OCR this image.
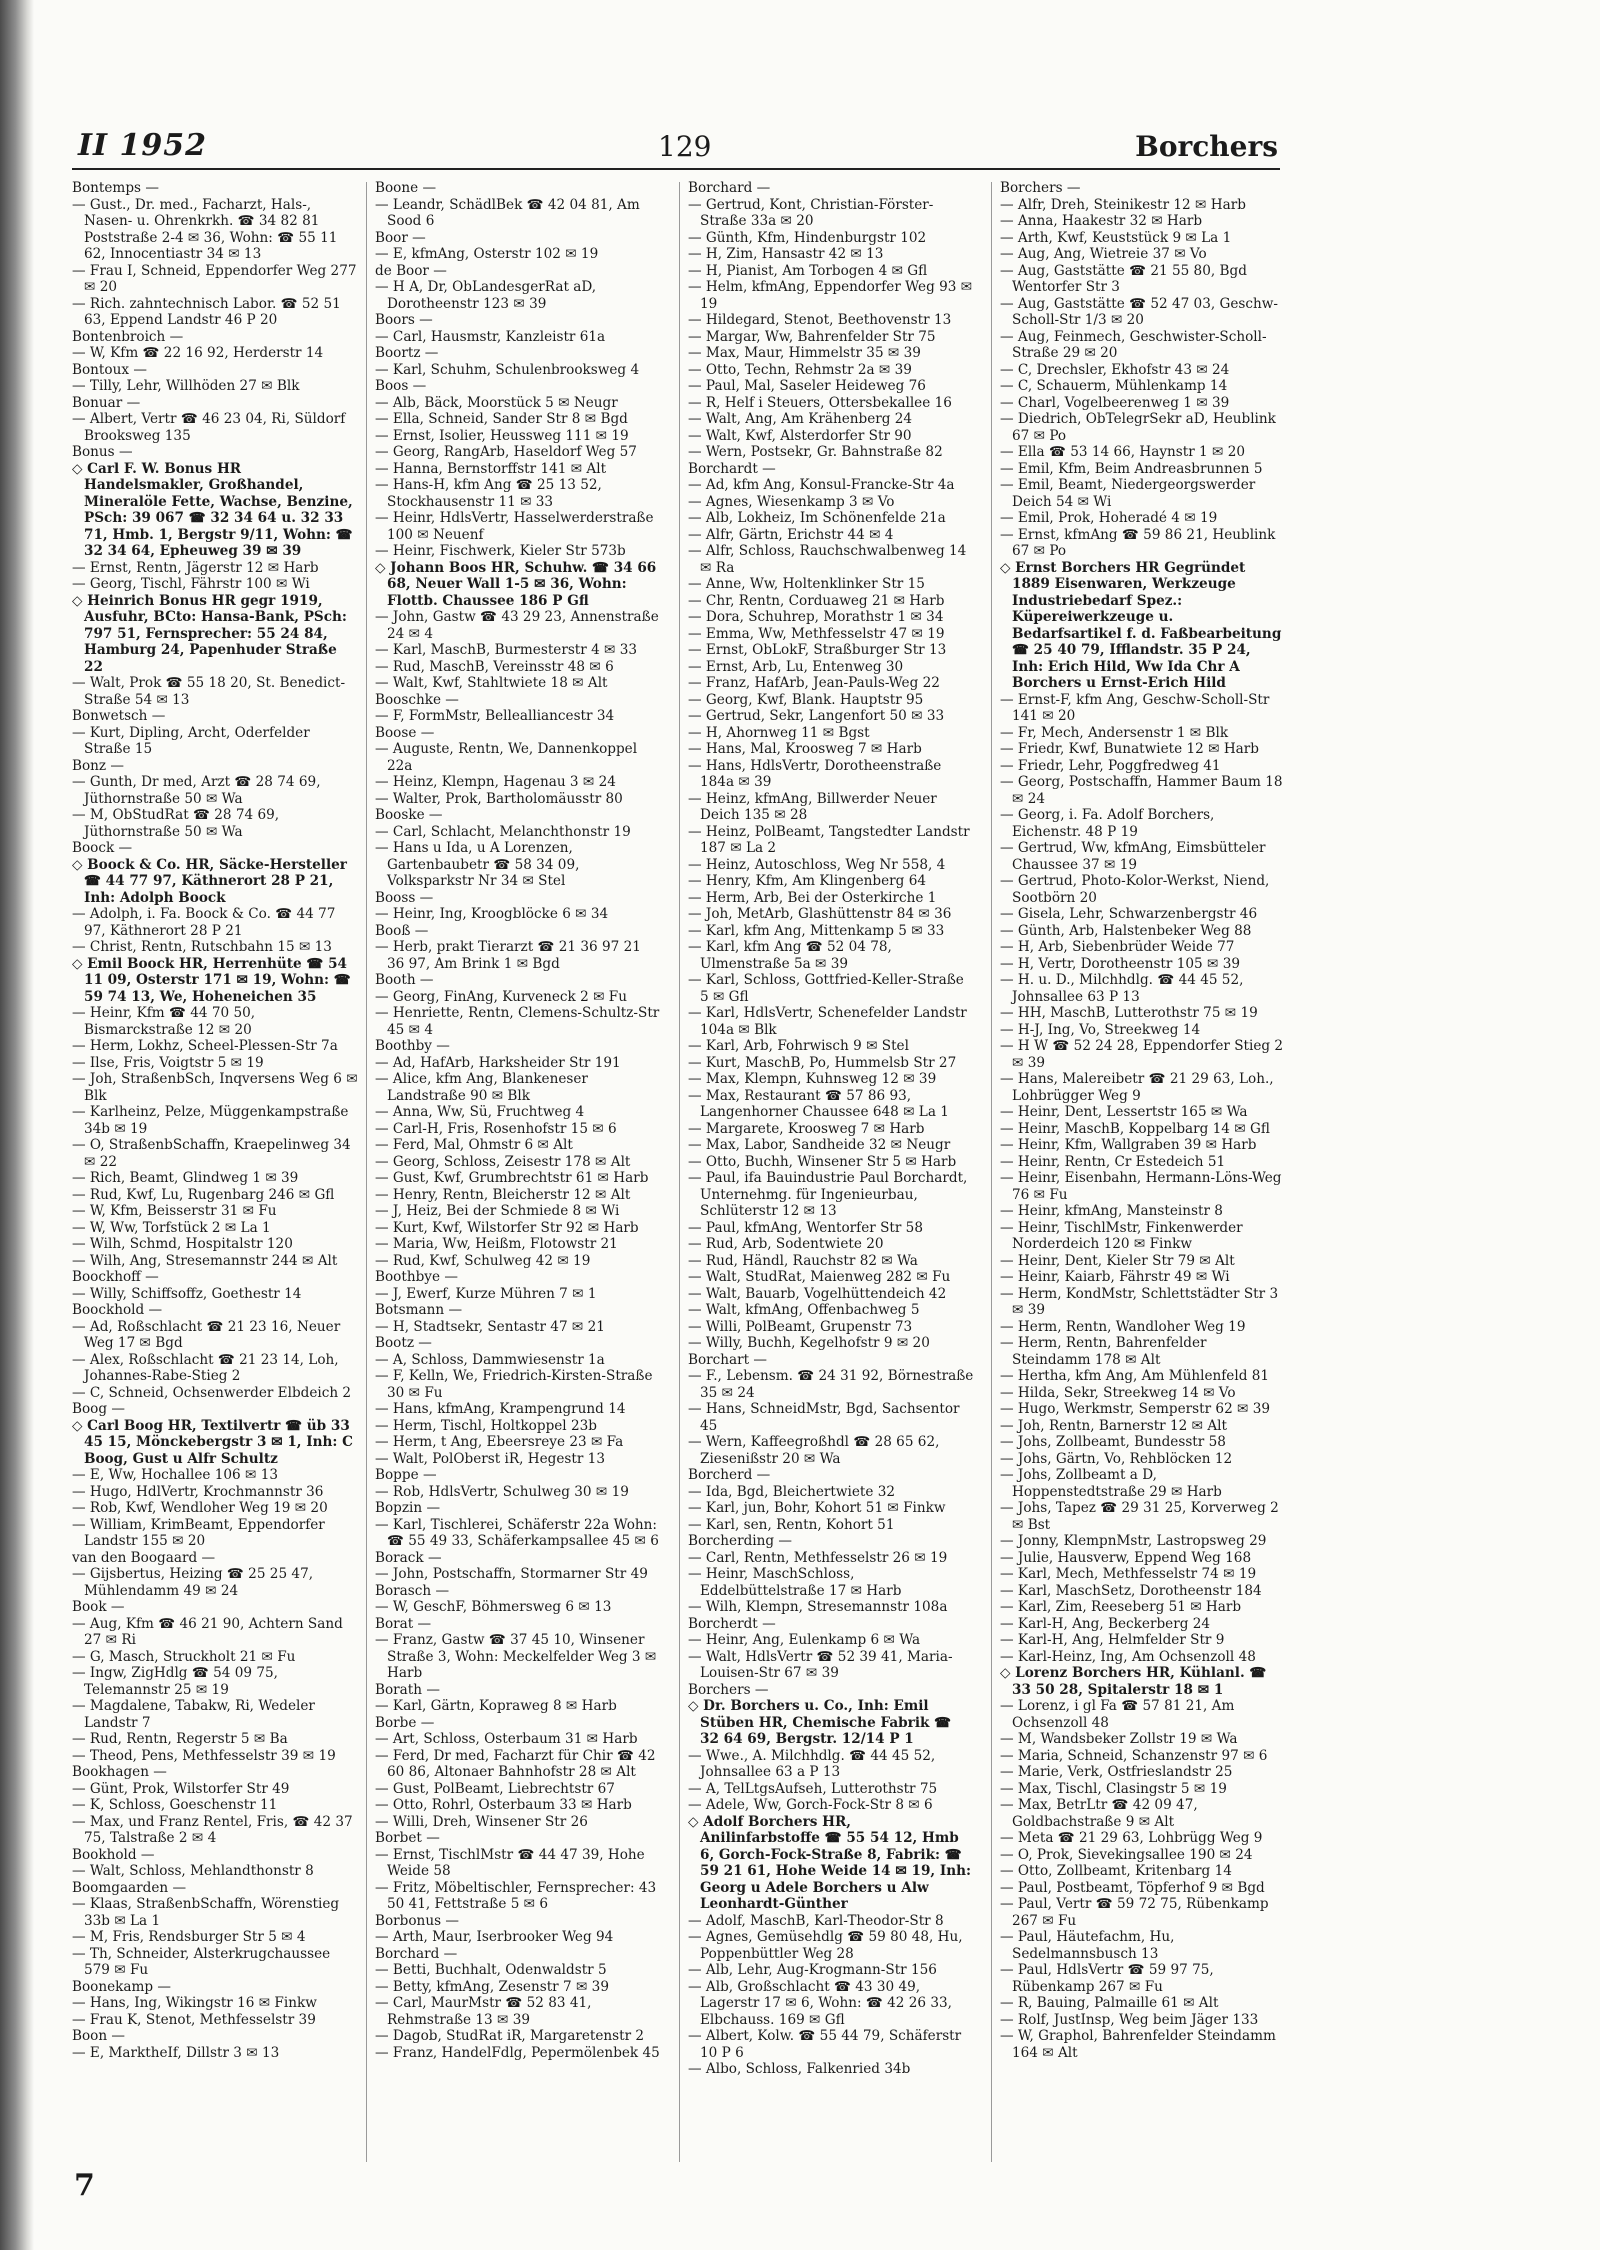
II 1952	129	Borchers

Bontemps —

— Gust., Dr. med., Facharzt, Hals-, Nasen- u. Ohrenkrkh. ☎ 34 82 81 Poststraße 2-4 ✉ 36, Wohn: ☎ 55 11 62, Innocentiastr 34 ✉ 13

— Frau I, Schneid, Eppendorfer Weg 277 ✉ 20

— Rich. zahntechnisch Labor. ☎ 52 51 63, Eppend Landstr 46 P 20

Bontenbroich —

— W, Kfm ☎ 22 16 92, Herderstr 14

Bontoux —

— Tilly, Lehr, Willhöden 27 ✉ Blk

Bonuar —

— Albert, Vertr ☎ 46 23 04, Ri, Süldorf Brooksweg 135

Bonus —

◇ Carl F. W. Bonus HR Handelsmakler, Großhandel, Mineralöle Fette, Wachse, Benzine, PSch: 39 067 ☎ 32 34 64 u. 32 33 71, Hmb. 1, Bergstr 9/11, Wohn: ☎ 32 34 64, Epheuweg 39 ✉ 39

— Ernst, Rentn, Jägerstr 12 ✉ Harb

— Georg, Tischl, Fährstr 100 ✉ Wi

◇ Heinrich Bonus HR gegr 1919, Ausfuhr, BCto: Hansa-Bank, PSch: 797 51, Fernsprecher: 55 24 84, Hamburg 24, Papenhuder Straße 22

— Walt, Prok ☎ 55 18 20, St. Benedict-Straße 54 ✉ 13

Bonwetsch —

— Kurt, Dipling, Archt, Oderfelder Straße 15

Bonz —

— Gunth, Dr med, Arzt ☎ 28 74 69, Jüthornstraße 50 ✉ Wa

— M, ObStudRat ☎ 28 74 69, Jüthornstraße 50 ✉ Wa

Boock —

◇ Boock & Co. HR, Säcke-Hersteller ☎ 44 77 97, Käthnerort 28 P 21, Inh: Adolph Boock

— Adolph, i. Fa. Boock & Co. ☎ 44 77 97, Käthnerort 28 P 21

— Christ, Rentn, Rutschbahn 15 ✉ 13

◇ Emil Boock HR, Herrenhüte ☎ 54 11 09, Osterstr 171 ✉ 19, Wohn: ☎ 59 74 13, We, Hoheneichen 35

— Heinr, Kfm ☎ 44 70 50, Bismarckstraße 12 ✉ 20

— Herm, Lokhz, Scheel-Plessen-Str 7a

— Ilse, Fris, Voigtstr 5 ✉ 19

— Joh, StraßenbSch, Inqversens Weg 6 ✉ Blk

— Karlheinz, Pelze, Müggenkampstraße 34b ✉ 19

— O, StraßenbSchaffn, Kraepelinweg 34 ✉ 22

— Rich, Beamt, Glindweg 1 ✉ 39

— Rud, Kwf, Lu, Rugenbarg 246 ✉ Gfl

— W, Kfm, Beisserstr 31 ✉ Fu

— W, Ww, Torfstück 2 ✉ La 1

— Wilh, Schmd, Hospitalstr 120

— Wilh, Ang, Stresemannstr 244 ✉ Alt

Boockhoff —

— Willy, Schiffsoffz, Goethestr 14

Boockhold —

— Ad, Roßschlacht ☎ 21 23 16, Neuer Weg 17 ✉ Bgd

— Alex, Roßschlacht ☎ 21 23 14, Loh, Johannes-Rabe-Stieg 2

— C, Schneid, Ochsenwerder Elbdeich 2

Boog —

◇ Carl Boog HR, Textilvertr ☎ üb 33 45 15, Mönckebergstr 3 ✉ 1, Inh: C Boog, Gust u Alfr Schultz

— E, Ww, Hochallee 106 ✉ 13

— Hugo, HdlVertr, Krochmannstr 36

— Rob, Kwf, Wendloher Weg 19 ✉ 20

— William, KrimBeamt, Eppendorfer Landstr 155 ✉ 20

van den Boogaard —

— Gijsbertus, Heizing ☎ 25 25 47, Mühlendamm 49 ✉ 24

Book —

— Aug, Kfm ☎ 46 21 90, Achtern Sand 27 ✉ Ri

— G, Masch, Struckholt 21 ✉ Fu

— Ingw, ZigHdlg ☎ 54 09 75, Telemannstr 25 ✉ 19

— Magdalene, Tabakw, Ri, Wedeler Landstr 7

— Rud, Rentn, Regerstr 5 ✉ Ba

— Theod, Pens, Methfesselstr 39 ✉ 19

Bookhagen —

— Günt, Prok, Wilstorfer Str 49

— K, Schloss, Goeschenstr 11

— Max, und Franz Rentel, Fris, ☎ 42 37 75, Talstraße 2 ✉ 4

Bookhold —

— Walt, Schloss, Mehlandthonstr 8

Boomgaarden —

— Klaas, StraßenbSchaffn, Wörenstieg 33b ✉ La 1

— M, Fris, Rendsburger Str 5 ✉ 4

— Th, Schneider, Alsterkrugchaussee 579 ✉ Fu

Boonekamp —

— Hans, Ing, Wikingstr 16 ✉ Finkw

— Frau K, Stenot, Methfesselstr 39

Boon —

— E, MarktheIf, Dillstr 3 ✉ 13

Boone —

— Leandr, SchädlBek ☎ 42 04 81, Am Sood 6

Boor —

— E, kfmAng, Osterstr 102 ✉ 19

de Boor —

— H A, Dr, ObLandesgerRat aD, Dorotheenstr 123 ✉ 39

Boors —

— Carl, Hausmstr, Kanzleistr 61a

Boortz —

— Karl, Schuhm, Schulenbrooksweg 4

Boos —

— Alb, Bäck, Moorstück 5 ✉ Neugr

— Ella, Schneid, Sander Str 8 ✉ Bgd

— Ernst, Isolier, Heussweg 111 ✉ 19

— Georg, RangArb, Haseldorf Weg 57

— Hanna, Bernstorffstr 141 ✉ Alt

— Hans-H, kfm Ang ☎ 25 13 52, Stockhausenstr 11 ✉ 33

— Heinr, HdlsVertr, Hasselwerderstraße 100 ✉ Neuenf

— Heinr, Fischwerk, Kieler Str 573b

◇ Johann Boos HR, Schuhw. ☎ 34 66 68, Neuer Wall 1-5 ✉ 36, Wohn: Flottb. Chaussee 186 P Gfl

— John, Gastw ☎ 43 29 23, Annenstraße 24 ✉ 4

— Karl, MaschB, Burmesterstr 4 ✉ 33

— Rud, MaschB, Vereinsstr 48 ✉ 6

— Walt, Kwf, Stahltwiete 18 ✉ Alt

Booschke —

— F, FormMstr, Bellealliancestr 34

Boose —

— Auguste, Rentn, We, Dannenkoppel 22a

— Heinz, Klempn, Hagenau 3 ✉ 24

— Walter, Prok, Bartholomäusstr 80

Booske —

— Carl, Schlacht, Melanchthonstr 19

— Hans u Ida, u A Lorenzen, Gartenbaubetr ☎ 58 34 09, Volksparkstr Nr 34 ✉ Stel

Booss —

— Heinr, Ing, Kroogblöcke 6 ✉ 34

Booß —

— Herb, prakt Tierarzt ☎ 21 36 97 21 36 97, Am Brink 1 ✉ Bgd

Booth —

— Georg, FinAng, Kurveneck 2 ✉ Fu

— Henriette, Rentn, Clemens-Schultz-Str 45 ✉ 4

Boothby —

— Ad, HafArb, Harksheider Str 191

— Alice, kfm Ang, Blankeneser Landstraße 90 ✉ Blk

— Anna, Ww, Sü, Fruchtweg 4

— Carl-H, Fris, Rosenhofstr 15 ✉ 6

— Ferd, Mal, Ohmstr 6 ✉ Alt

— Georg, Schloss, Zeisestr 178 ✉ Alt

— Gust, Kwf, Grumbrechtstr 61 ✉ Harb

— Henry, Rentn, Bleicherstr 12 ✉ Alt

— J, Heiz, Bei der Schmiede 8 ✉ Wi

— Kurt, Kwf, Wilstorfer Str 92 ✉ Harb

— Maria, Ww, Heißm, Flotowstr 21

— Rud, Kwf, Schulweg 42 ✉ 19

Boothbye —

— J, Ewerf, Kurze Mühren 7 ✉ 1

Botsmann —

— H, Stadtsekr, Sentastr 47 ✉ 21

Bootz —

— A, Schloss, Dammwiesenstr 1a

— F, Kelln, We, Friedrich-Kirsten-Straße 30 ✉ Fu

— Hans, kfmAng, Krampengrund 14

— Herm, Tischl, Holtkoppel 23b

— Herm, t Ang, Ebeersreye 23 ✉ Fa

— Walt, PolOberst iR, Hegestr 13

Boppe —

— Rob, HdlsVertr, Schulweg 30 ✉ 19

Bopzin —

— Karl, Tischlerei, Schäferstr 22a Wohn: ☎ 55 49 33, Schäferkampsallee 45 ✉ 6

Borack —

— John, Postschaffn, Stormarner Str 49

Borasch —

— W, GeschF, Böhmersweg 6 ✉ 13

Borat —

— Franz, Gastw ☎ 37 45 10, Winsener Straße 3, Wohn: Meckelfelder Weg 3 ✉ Harb

Borath —

— Karl, Gärtn, Kopraweg 8 ✉ Harb

Borbe —

— Art, Schloss, Osterbaum 31 ✉ Harb

— Ferd, Dr med, Facharzt für Chir ☎ 42 60 86, Altonaer Bahnhofstr 28 ✉ Alt

— Gust, PolBeamt, Liebrechtstr 67

— Otto, Rohrl, Osterbaum 33 ✉ Harb

— Willi, Dreh, Winsener Str 26

Borbet —

— Ernst, TischlMstr ☎ 44 47 39, Hohe Weide 58

— Fritz, Möbeltischler, Fernsprecher: 43 50 41, Fettstraße 5 ✉ 6

Borbonus —

— Arth, Maur, Iserbrooker Weg 94

Borchard —

— Betti, Buchhalt, Odenwaldstr 5

— Betty, kfmAng, Zesenstr 7 ✉ 39

— Carl, MaurMstr ☎ 52 83 41, Rehmstraße 13 ✉ 39

— Dagob, StudRat iR, Margaretenstr 2

— Franz, HandelFdlg, Pepermölenbek 45

Borchard —

— Gertrud, Kont, Christian-Förster-Straße 33a ✉ 20

— Günth, Kfm, Hindenburgstr 102

— H, Zim, Hansastr 42 ✉ 13

— H, Pianist, Am Torbogen 4 ✉ Gfl

— Helm, kfmAng, Eppendorfer Weg 93 ✉ 19

— Hildegard, Stenot, Beethovenstr 13

— Margar, Ww, Bahrenfelder Str 75

— Max, Maur, Himmelstr 35 ✉ 39

— Otto, Techn, Rehmstr 2a ✉ 39

— Paul, Mal, Saseler Heideweg 76

— R, Helf i Steuers, Ottersbekallee 16

— Walt, Ang, Am Krähenberg 24

— Walt, Kwf, Alsterdorfer Str 90

— Wern, Postsekr, Gr. Bahnstraße 82

Borchardt —

— Ad, kfm Ang, Konsul-Francke-Str 4a

— Agnes, Wiesenkamp 3 ✉ Vo

— Alb, Lokheiz, Im Schönenfelde 21a

— Alfr, Gärtn, Erichstr 44 ✉ 4

— Alfr, Schloss, Rauchschwalbenweg 14 ✉ Ra

— Anne, Ww, Holtenklinker Str 15

— Chr, Rentn, Corduaweg 21 ✉ Harb

— Dora, Schuhrep, Morathstr 1 ✉ 34

— Emma, Ww, Methfesselstr 47 ✉ 19

— Ernst, ObLokF, Straßburger Str 13

— Ernst, Arb, Lu, Entenweg 30

— Franz, HafArb, Jean-Pauls-Weg 22

— Georg, Kwf, Blank. Hauptstr 95

— Gertrud, Sekr, Langenfort 50 ✉ 33

— H, Ahornweg 11 ✉ Bgst

— Hans, Mal, Kroosweg 7 ✉ Harb

— Hans, HdlsVertr, Dorotheenstraße 184a ✉ 39

— Heinz, kfmAng, Billwerder Neuer Deich 135 ✉ 28

— Heinz, PolBeamt, Tangstedter Landstr 187 ✉ La 2

— Heinz, Autoschloss, Weg Nr 558, 4

— Henry, Kfm, Am Klingenberg 64

— Herm, Arb, Bei der Osterkirche 1

— Joh, MetArb, Glashüttenstr 84 ✉ 36

— Karl, kfm Ang, Mittenkamp 5 ✉ 33

— Karl, kfm Ang ☎ 52 04 78, Ulmenstraße 5a ✉ 39

— Karl, Schloss, Gottfried-Keller-Straße 5 ✉ Gfl

— Karl, HdlsVertr, Schenefelder Landstr 104a ✉ Blk

— Karl, Arb, Fohrwisch 9 ✉ Stel

— Kurt, MaschB, Po, Hummelsb Str 27

— Max, Klempn, Kuhnsweg 12 ✉ 39

— Max, Restaurant ☎ 57 86 93, Langenhorner Chaussee 648 ✉ La 1

— Margarete, Kroosweg 7 ✉ Harb

— Max, Labor, Sandheide 32 ✉ Neugr

— Otto, Buchh, Winsener Str 5 ✉ Harb

— Paul, ifa Bauindustrie Paul Borchardt, Unternehmg. für Ingenieurbau, Schlüterstr 12 ✉ 13

— Paul, kfmAng, Wentorfer Str 58

— Rud, Arb, Sodentwiete 20

— Rud, Händl, Rauchstr 82 ✉ Wa

— Walt, StudRat, Maienweg 282 ✉ Fu

— Walt, Bauarb, Vogelhüttendeich 42

— Walt, kfmAng, Offenbachweg 5

— Willi, PolBeamt, Grupenstr 73

— Willy, Buchh, Kegelhofstr 9 ✉ 20

Borchart —

— F., Lebensm. ☎ 24 31 92, Börnestraße 35 ✉ 24

— Hans, SchneidMstr, Bgd, Sachsentor 45

— Wern, Kaffeegroßhdl ☎ 28 65 62, Ziesenißstr 20 ✉ Wa

Borcherd —

— Ida, Bgd, Bleichertwiete 32

— Karl, jun, Bohr, Kohort 51 ✉ Finkw

— Karl, sen, Rentn, Kohort 51

Borcherding —

— Carl, Rentn, Methfesselstr 26 ✉ 19

— Heinr, MaschSchloss, Eddelbüttelstraße 17 ✉ Harb

— Wilh, Klempn, Stresemannstr 108a

Borcherdt —

— Heinr, Ang, Eulenkamp 6 ✉ Wa

— Walt, HdlsVertr ☎ 52 39 41, Maria-Louisen-Str 67 ✉ 39

Borchers —

◇ Dr. Borchers u. Co., Inh: Emil Stüben HR, Chemische Fabrik ☎ 32 64 69, Bergstr. 12/14 P 1

— Wwe., A. Milchhdlg. ☎ 44 45 52, Johnsallee 63 a P 13

— A, TelLtgsAufseh, Lutterothstr 75

— Adele, Ww, Gorch-Fock-Str 8 ✉ 6

◇ Adolf Borchers HR, Anilinfarbstoffe ☎ 55 54 12, Hmb 6, Gorch-Fock-Straße 8, Fabrik: ☎ 59 21 61, Hohe Weide 14 ✉ 19, Inh: Georg u Adele Borchers u Alw Leonhardt-Günther

— Adolf, MaschB, Karl-Theodor-Str 8

— Agnes, Gemüsehdlg ☎ 59 80 48, Hu, Poppenbüttler Weg 28

— Alb, Lehr, Aug-Krogmann-Str 156

— Alb, Großschlacht ☎ 43 30 49, Lagerstr 17 ✉ 6, Wohn: ☎ 42 26 33, Elbchauss. 169 ✉ Gfl

— Albert, Kolw. ☎ 55 44 79, Schäferstr 10 P 6

— Albo, Schloss, Falkenried 34b

Borchers —

— Alfr, Dreh, Steinikestr 12 ✉ Harb

— Anna, Haakestr 32 ✉ Harb

— Arth, Kwf, Keuststück 9 ✉ La 1

— Aug, Ang, Wietreie 37 ✉ Vo

— Aug, Gaststätte ☎ 21 55 80, Bgd Wentorfer Str 3

— Aug, Gaststätte ☎ 52 47 03, Geschw-Scholl-Str 1/3 ✉ 20

— Aug, Feinmech, Geschwister-Scholl-Straße 29 ✉ 20

— C, Drechsler, Ekhofstr 43 ✉ 24

— C, Schauerm, Mühlenkamp 14

— Charl, Vogelbeerenweg 1 ✉ 39

— Diedrich, ObTelegrSekr aD, Heublink 67 ✉ Po

— Ella ☎ 53 14 66, Haynstr 1 ✉ 20

— Emil, Kfm, Beim Andreasbrunnen 5

— Emil, Beamt, Niedergeorgswerder Deich 54 ✉ Wi

— Emil, Prok, Hoheradé 4 ✉ 19

— Ernst, kfmAng ☎ 59 86 21, Heublink 67 ✉ Po

◇ Ernst Borchers HR Gegründet 1889 Eisenwaren, Werkzeuge Industriebedarf Spez.: Küpereiwerkzeuge u. Bedarfsartikel f. d. Faßbearbeitung ☎ 25 40 79, Ifflandstr. 35 P 24, Inh: Erich Hild, Ww Ida Chr A Borchers u Ernst-Erich Hild

— Ernst-F, kfm Ang, Geschw-Scholl-Str 141 ✉ 20

— Fr, Mech, Andersenstr 1 ✉ Blk

— Friedr, Kwf, Bunatwiete 12 ✉ Harb

— Friedr, Lehr, Poggfredweg 41

— Georg, Postschaffn, Hammer Baum 18 ✉ 24

— Georg, i. Fa. Adolf Borchers, Eichenstr. 48 P 19

— Gertrud, Ww, kfmAng, Eimsbütteler Chaussee 37 ✉ 19

— Gertrud, Photo-Kolor-Werkst, Niend, Sootbörn 20

— Gisela, Lehr, Schwarzenbergstr 46

— Günth, Arb, Halstenbeker Weg 88

— H, Arb, Siebenbrüder Weide 77

— H, Vertr, Dorotheenstr 105 ✉ 39

— H. u. D., Milchhdlg. ☎ 44 45 52, Johnsallee 63 P 13

— HH, MaschB, Lutterothstr 75 ✉ 19

— H-J, Ing, Vo, Streekweg 14

— H W ☎ 52 24 28, Eppendorfer Stieg 2 ✉ 39

— Hans, Malereibetr ☎ 21 29 63, Loh., Lohbrügger Weg 9

— Heinr, Dent, Lessertstr 165 ✉ Wa

— Heinr, MaschB, Koppelbarg 14 ✉ Gfl

— Heinr, Kfm, Wallgraben 39 ✉ Harb

— Heinr, Rentn, Cr Estedeich 51

— Heinr, Eisenbahn, Hermann-Löns-Weg 76 ✉ Fu

— Heinr, kfmAng, Mansteinstr 8

— Heinr, TischlMstr, Finkenwerder Norderdeich 120 ✉ Finkw

— Heinr, Dent, Kieler Str 79 ✉ Alt

— Heinr, Kaiarb, Fährstr 49 ✉ Wi

— Herm, KondMstr, Schlettstädter Str 3 ✉ 39

— Herm, Rentn, Wandloher Weg 19

— Herm, Rentn, Bahrenfelder Steindamm 178 ✉ Alt

— Hertha, kfm Ang, Am Mühlenfeld 81

— Hilda, Sekr, Streekweg 14 ✉ Vo

— Hugo, Werkmstr, Semperstr 62 ✉ 39

— Joh, Rentn, Barnerstr 12 ✉ Alt

— Johs, Zollbeamt, Bundesstr 58

— Johs, Gärtn, Vo, Rehblöcken 12

— Johs, Zollbeamt a D, Hoppenstedtstraße 29 ✉ Harb

— Johs, Tapez ☎ 29 31 25, Korverweg 2 ✉ Bst

— Jonny, KlempnMstr, Lastropsweg 29

— Julie, Hausverw, Eppend Weg 168

— Karl, Mech, Methfesselstr 74 ✉ 19

— Karl, MaschSetz, Dorotheenstr 184

— Karl, Zim, Reeseberg 51 ✉ Harb

— Karl-H, Ang, Beckerberg 24

— Karl-H, Ang, Helmfelder Str 9

— Karl-Heinz, Ing, Am Ochsenzoll 48

◇ Lorenz Borchers HR, Kühlanl. ☎ 33 50 28, Spitalerstr 18 ✉ 1

— Lorenz, i gl Fa ☎ 57 81 21, Am Ochsenzoll 48

— M, Wandsbeker Zollstr 19 ✉ Wa

— Maria, Schneid, Schanzenstr 97 ✉ 6

— Marie, Verk, Ostfrieslandstr 25

— Max, Tischl, Clasingstr 5 ✉ 19

— Max, BetrLtr ☎ 42 09 47, Goldbachstraße 9 ✉ Alt

— Meta ☎ 21 29 63, Lohbrügg Weg 9

— O, Prok, Sievekingsallee 190 ✉ 24

— Otto, Zollbeamt, Kritenbarg 14

— Paul, Postbeamt, Töpferhof 9 ✉ Bgd

— Paul, Vertr ☎ 59 72 75, Rübenkamp 267 ✉ Fu

— Paul, Häutefachm, Hu, Sedelmannsbusch 13

— Paul, HdlsVertr ☎ 59 97 75, Rübenkamp 267 ✉ Fu

— R, Bauing, Palmaille 61 ✉ Alt

— Rolf, JustInsp, Weg beim Jäger 133

— W, Graphol, Bahrenfelder Steindamm 164 ✉ Alt

7
